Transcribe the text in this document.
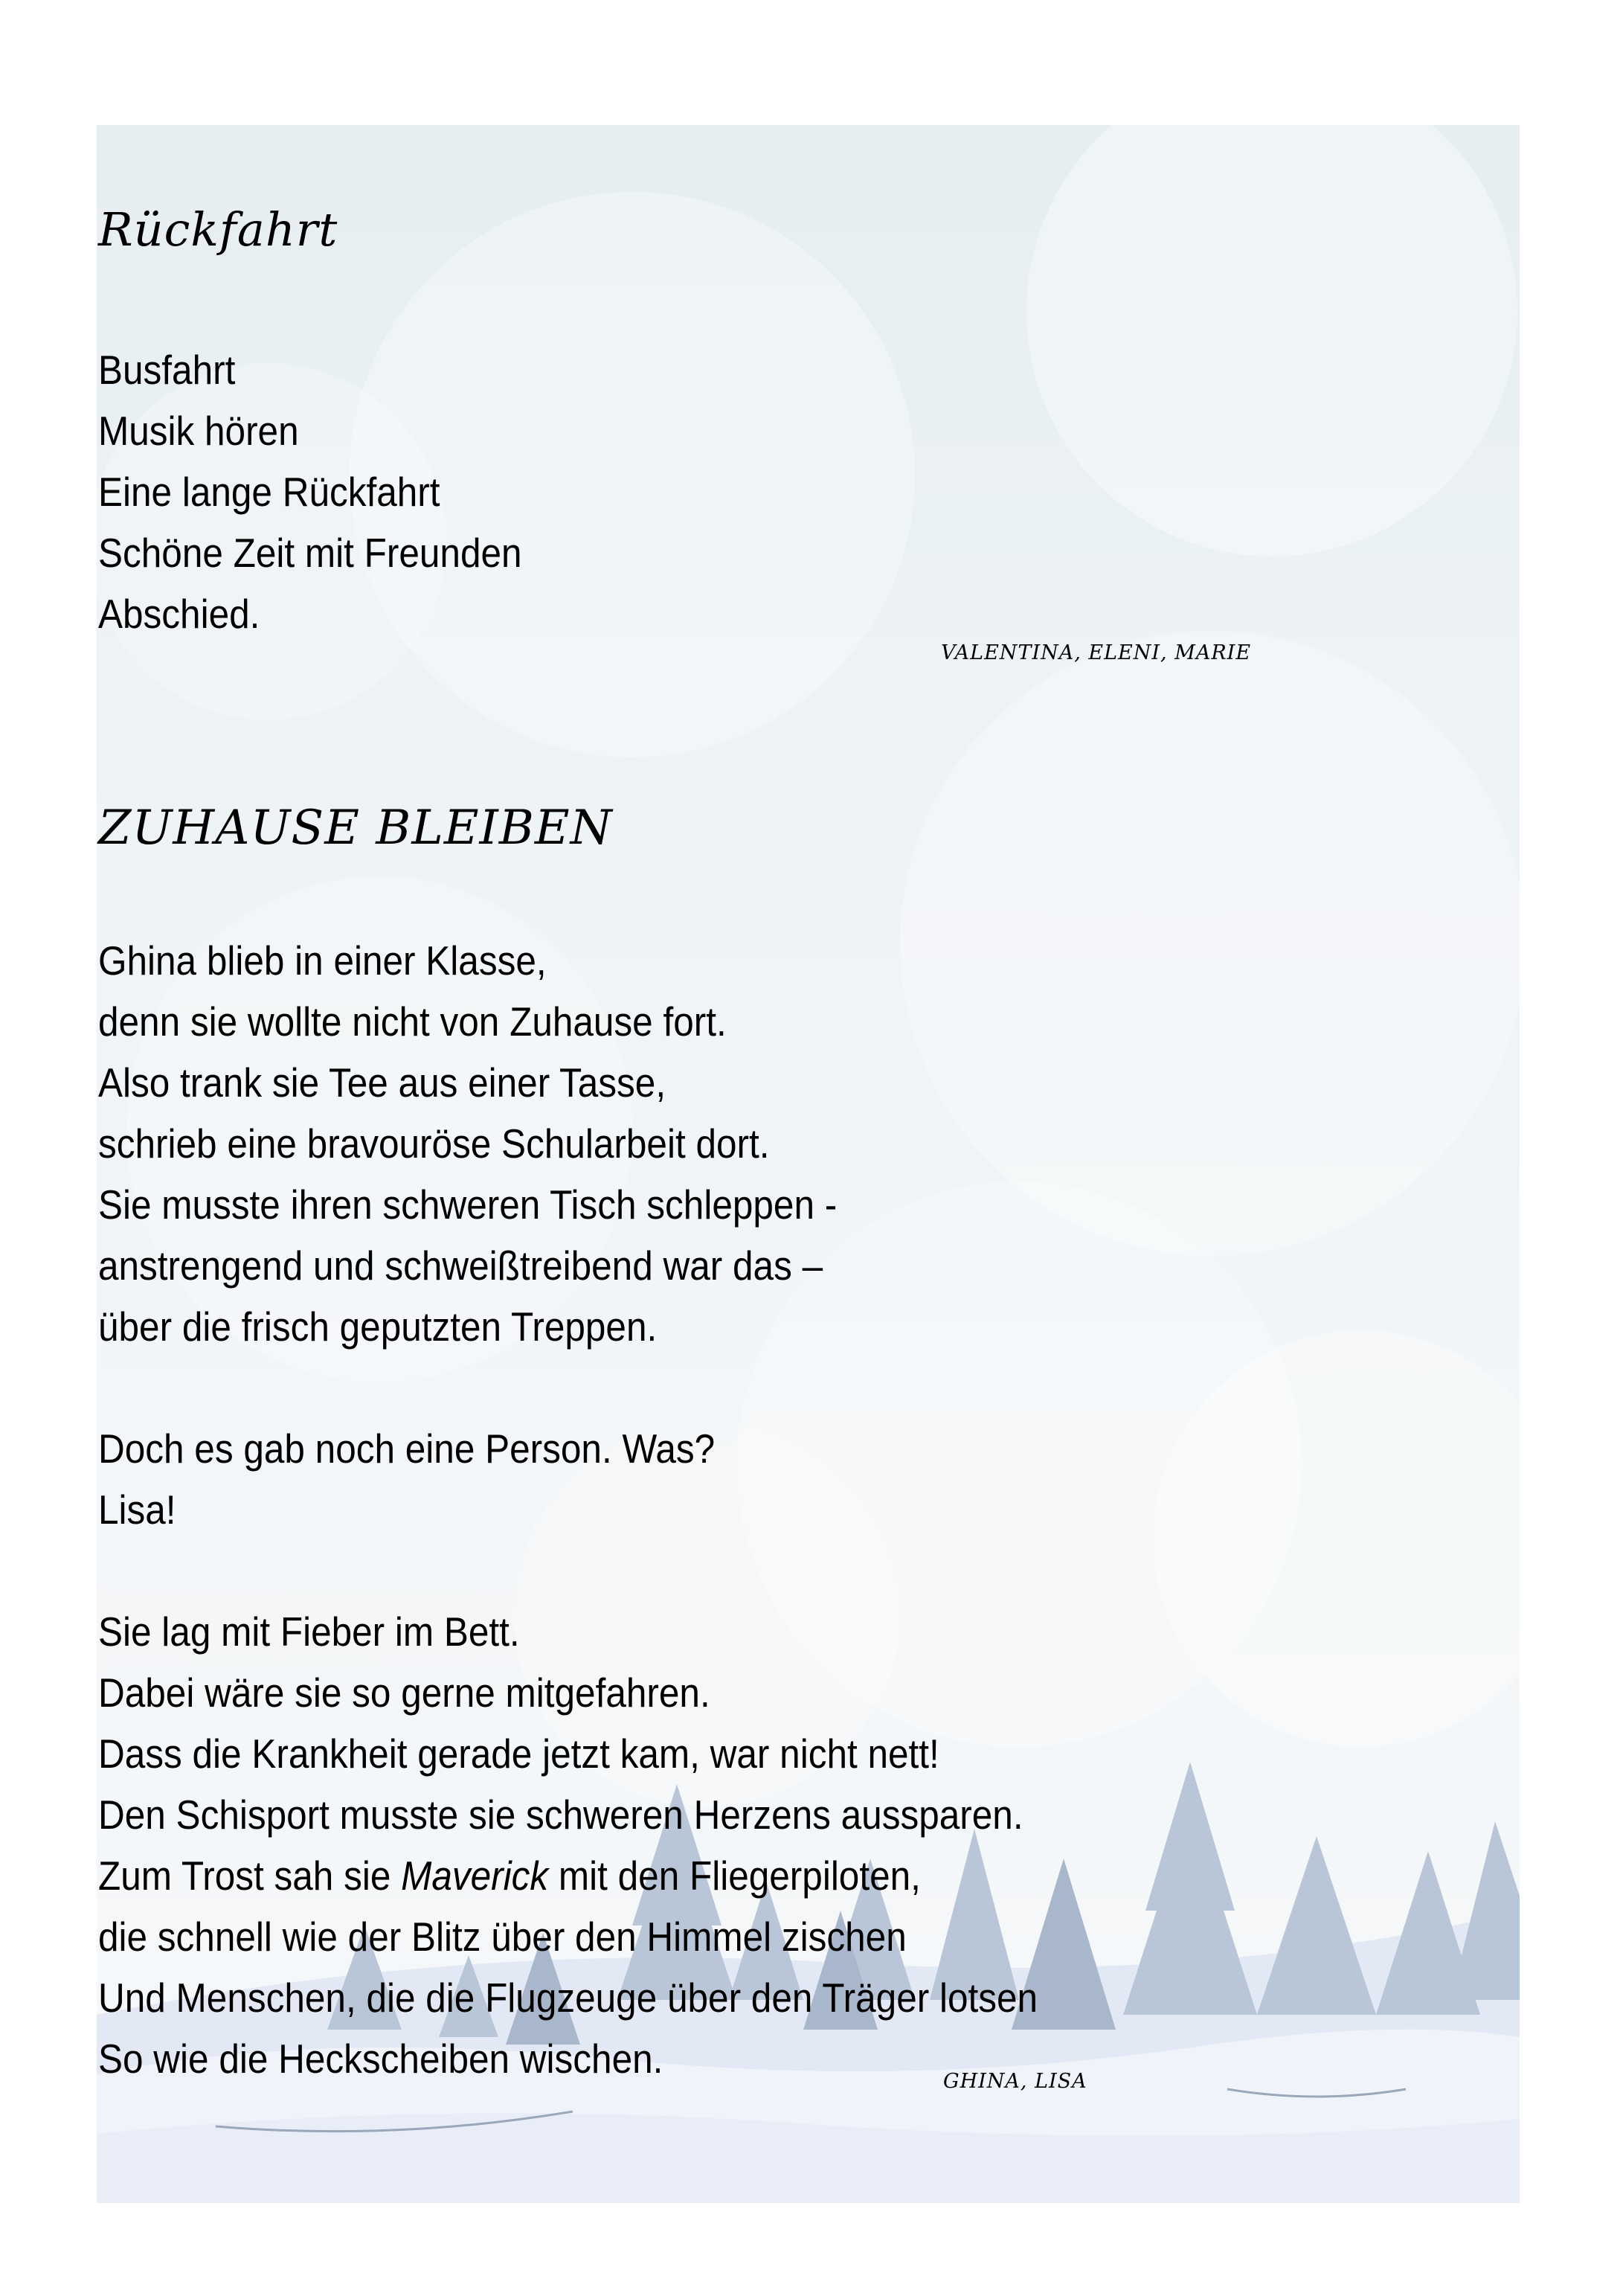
Rückfahrt
Busfahrt
Musik hören
Eine lange Rückfahrt
Schöne Zeit mit Freunden
Abschied.

VALENTINA, ELENI, MARIE

ZUHAUSE BLEIBEN
Ghina blieb in einer Klasse,
denn sie wollte nicht von Zuhause fort.
Also trank sie Tee aus einer Tasse,
schrieb eine bravouröse Schularbeit dort.
Sie musste ihren schweren Tisch schleppen -
anstrengend und schweißtreibend war das –
über die frisch geputzten Treppen.
Doch es gab noch eine Person. Was?
Lisa!
Sie lag mit Fieber im Bett.
Dabei wäre sie so gerne mitgefahren.
Dass die Krankheit gerade jetzt kam, war nicht nett!
Den Schisport musste sie schweren Herzens aussparen.
Zum Trost sah sie Maverick mit den Fliegerpiloten,
die schnell wie der Blitz über den Himmel zischen
Und Menschen, die die Flugzeuge über den Träger lotsen
So wie die Heckscheiben wischen.	GHINA, LISA
